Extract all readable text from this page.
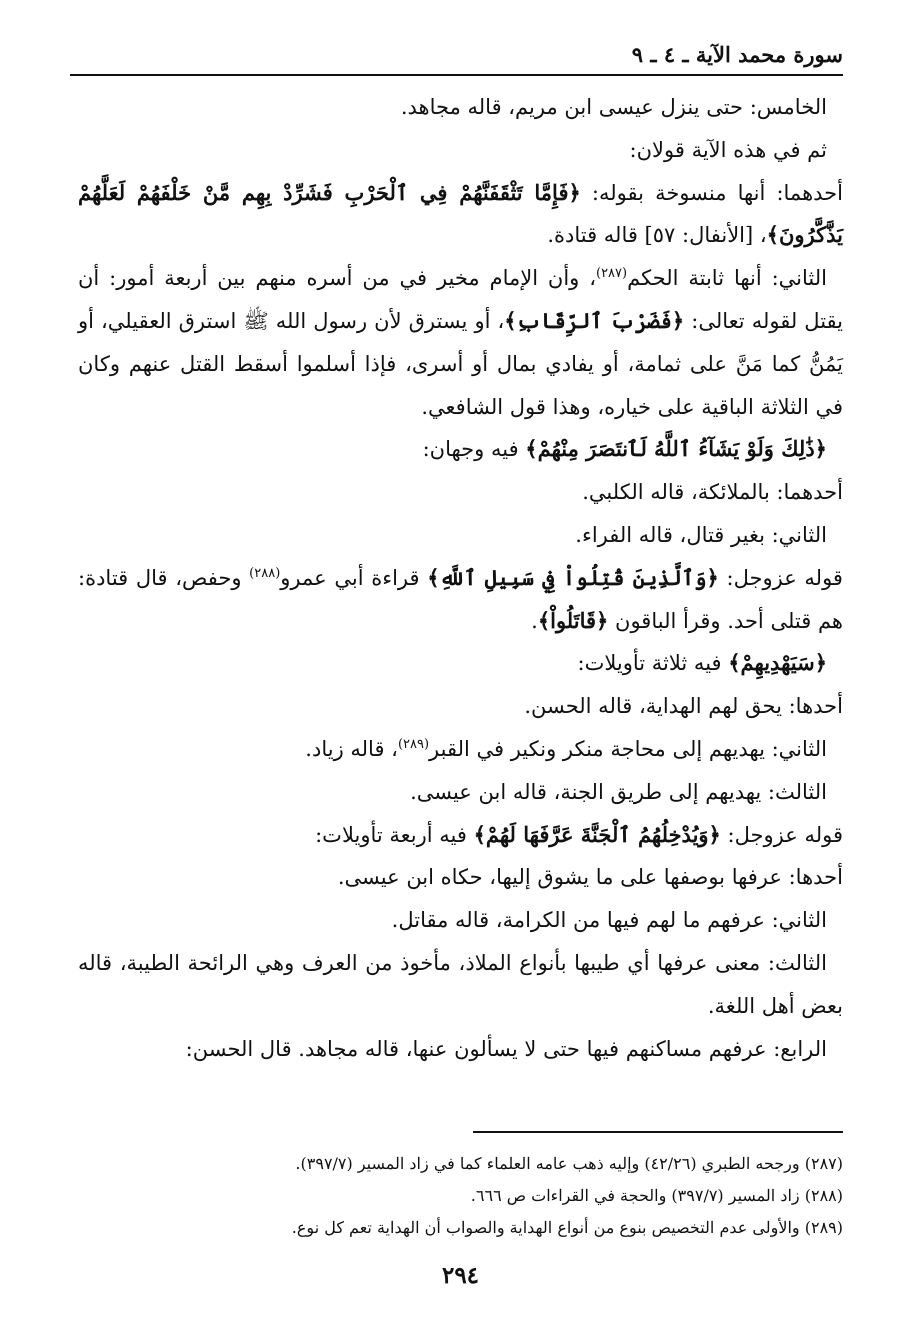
سورة محمد الآية ـ ٤ ـ ٩

الخامس: حتى ينزل عيسى ابن مريم، قاله مجاهد.

ثم في هذه الآية قولان:

أحدهما: أنها منسوخة بقوله: ﴿فَإِمَّا تَثْقَفَنَّهُمْ فِي ٱلْحَرْبِ فَشَرِّدْ بِهِم مَّنْ خَلْفَهُمْ لَعَلَّهُمْ يَذَّكَّرُونَ﴾، [الأنفال: ٥٧] قاله قتادة.

الثاني: أنها ثابتة الحكم$^{(٢٨٧)}$، وأن الإمام مخير في من أسره منهم بين أربعة أمور: أن يقتل لقوله تعالى: ﴿فَضَرْبَ ٱلرِّقَابِ﴾، أو يسترق لأن رسول الله ﷺ استرق العقيلي، أو يَمُنُّ كما مَنَّ على ثمامة، أو يفادي بمال أو أسرى، فإذا أسلموا أسقط القتل عنهم وكان في الثلاثة الباقية على خياره، وهذا قول الشافعي.

﴿ذَٰلِكَ وَلَوْ يَشَآءُ ٱللَّهُ لَٱنتَصَرَ مِنْهُمْ﴾ فيه وجهان:

أحدهما: بالملائكة، قاله الكلبي.

الثاني: بغير قتال، قاله الفراء.

قوله عزوجل: ﴿وَٱلَّذِينَ قُتِلُواْ فِي سَبِيلِ ٱللَّهِ﴾ قراءة أبي عمرو$^{(٢٨٨)}$ وحفص، قال قتادة: هم قتلى أحد. وقرأ الباقون ﴿قَاتَلُواْ﴾.

﴿سَيَهْدِيهِمْ﴾ فيه ثلاثة تأويلات:

أحدها: يحق لهم الهداية، قاله الحسن.

الثاني: يهديهم إلى محاجة منكر ونكير في القبر$^{(٢٨٩)}$، قاله زياد.

الثالث: يهديهم إلى طريق الجنة، قاله ابن عيسى.

قوله عزوجل: ﴿وَيُدْخِلُهُمُ ٱلْجَنَّةَ عَرَّفَهَا لَهُمْ﴾ فيه أربعة تأويلات:

أحدها: عرفها بوصفها على ما يشوق إليها، حكاه ابن عيسى.

الثاني: عرفهم ما لهم فيها من الكرامة، قاله مقاتل.

الثالث: معنى عرفها أي طيبها بأنواع الملاذ، مأخوذ من العرف وهي الرائحة الطيبة، قاله بعض أهل اللغة.

الرابع: عرفهم مساكنهم فيها حتى لا يسألون عنها، قاله مجاهد. قال الحسن:

(٢٨٧) ورجحه الطبري (٤٢/٢٦) وإليه ذهب عامه العلماء كما في زاد المسير (٣٩٧/٧).

(٢٨٨) زاد المسير (٣٩٧/٧) والحجة في القراءات ص ٦٦٦.

(٢٨٩) والأولى عدم التخصيص بنوع من أنواع الهداية والصواب أن الهداية تعم كل نوع.

٢٩٤
